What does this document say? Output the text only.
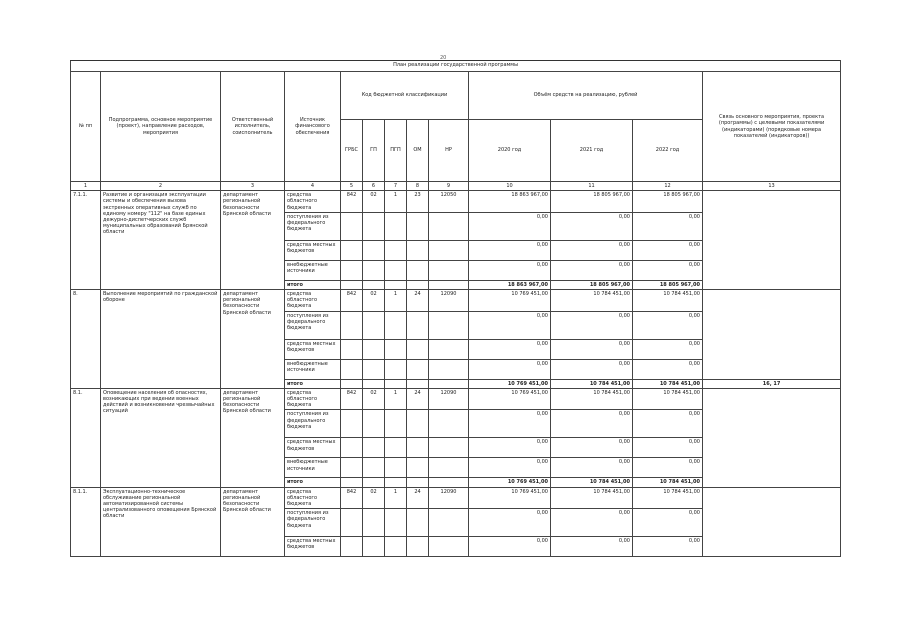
20
План реализации государственной программы												
№ пп	Подпрограмма, основное мероприятие (проект), направление расходов, мероприятия	Ответственный исполнитель, соисполнитель	Источник финансового обеспечения	Код бюджетной классификации					Объём средств на реализацию, рублей			Связь основного мероприятия, проекта (программы) с целевыми показателями (индикаторами) (порядковые номера показателей (индикаторов))
				ГРБС	ГП	ПГП	ОМ	НР	2020 год	2021 год	2022 год	
1	2	3	4	5	6	7	8	9	10	11	12	13
7.1.1.	Развитие и организация эксплуатации системы и обеспечения вызова экстренных оперативных служб по единому номеру "112" на базе единых дежурно-диспетчерских служб муниципальных образований Брянской области	департамент региональной безопасности Брянской области	средства областного бюджета	842	02	1	23	12050	18 863 967,00	18 805 967,00	18 805 967,00	
			поступления из федерального бюджета						0,00	0,00	0,00	
			средства местных бюджетов						0,00	0,00	0,00	
			внебюджетные источники						0,00	0,00	0,00	
			итого						18 863 967,00	18 805 967,00	18 805 967,00	
8.	Выполнение мероприятий по гражданской обороне	департамент региональной безопасности Брянской области	средства областного бюджета	842	02	1	24	12090	10 769 451,00	10 784 451,00	10 784 451,00	
			поступления из федерального бюджета						0,00	0,00	0,00	
			средства местных бюджетов						0,00	0,00	0,00	
			внебюджетные источники						0,00	0,00	0,00	
			итого						10 769 451,00	10 784 451,00	10 784 451,00	16, 17
8.1.	Оповещение населения об опасностях, возникающих при ведении военных действий и возникновении чрезвычайных ситуаций	департамент региональной безопасности Брянской области	средства областного бюджета	842	02	1	24	12090	10 769 451,00	10 784 451,00	10 784 451,00	
			поступления из федерального бюджета						0,00	0,00	0,00	
			средства местных бюджетов						0,00	0,00	0,00	
			внебюджетные источники						0,00	0,00	0,00	
			итого						10 769 451,00	10 784 451,00	10 784 451,00	
8.1.1.	Эксплуатационно-техническое обслуживание региональной автоматизированной системы централизованного оповещения Брянской области	департамент региональной безопасности Брянской области	средства областного бюджета	842	02	1	24	12090	10 769 451,00	10 784 451,00	10 784 451,00	
			поступления из федерального бюджета						0,00	0,00	0,00	
			средства местных бюджетов						0,00	0,00	0,00	
